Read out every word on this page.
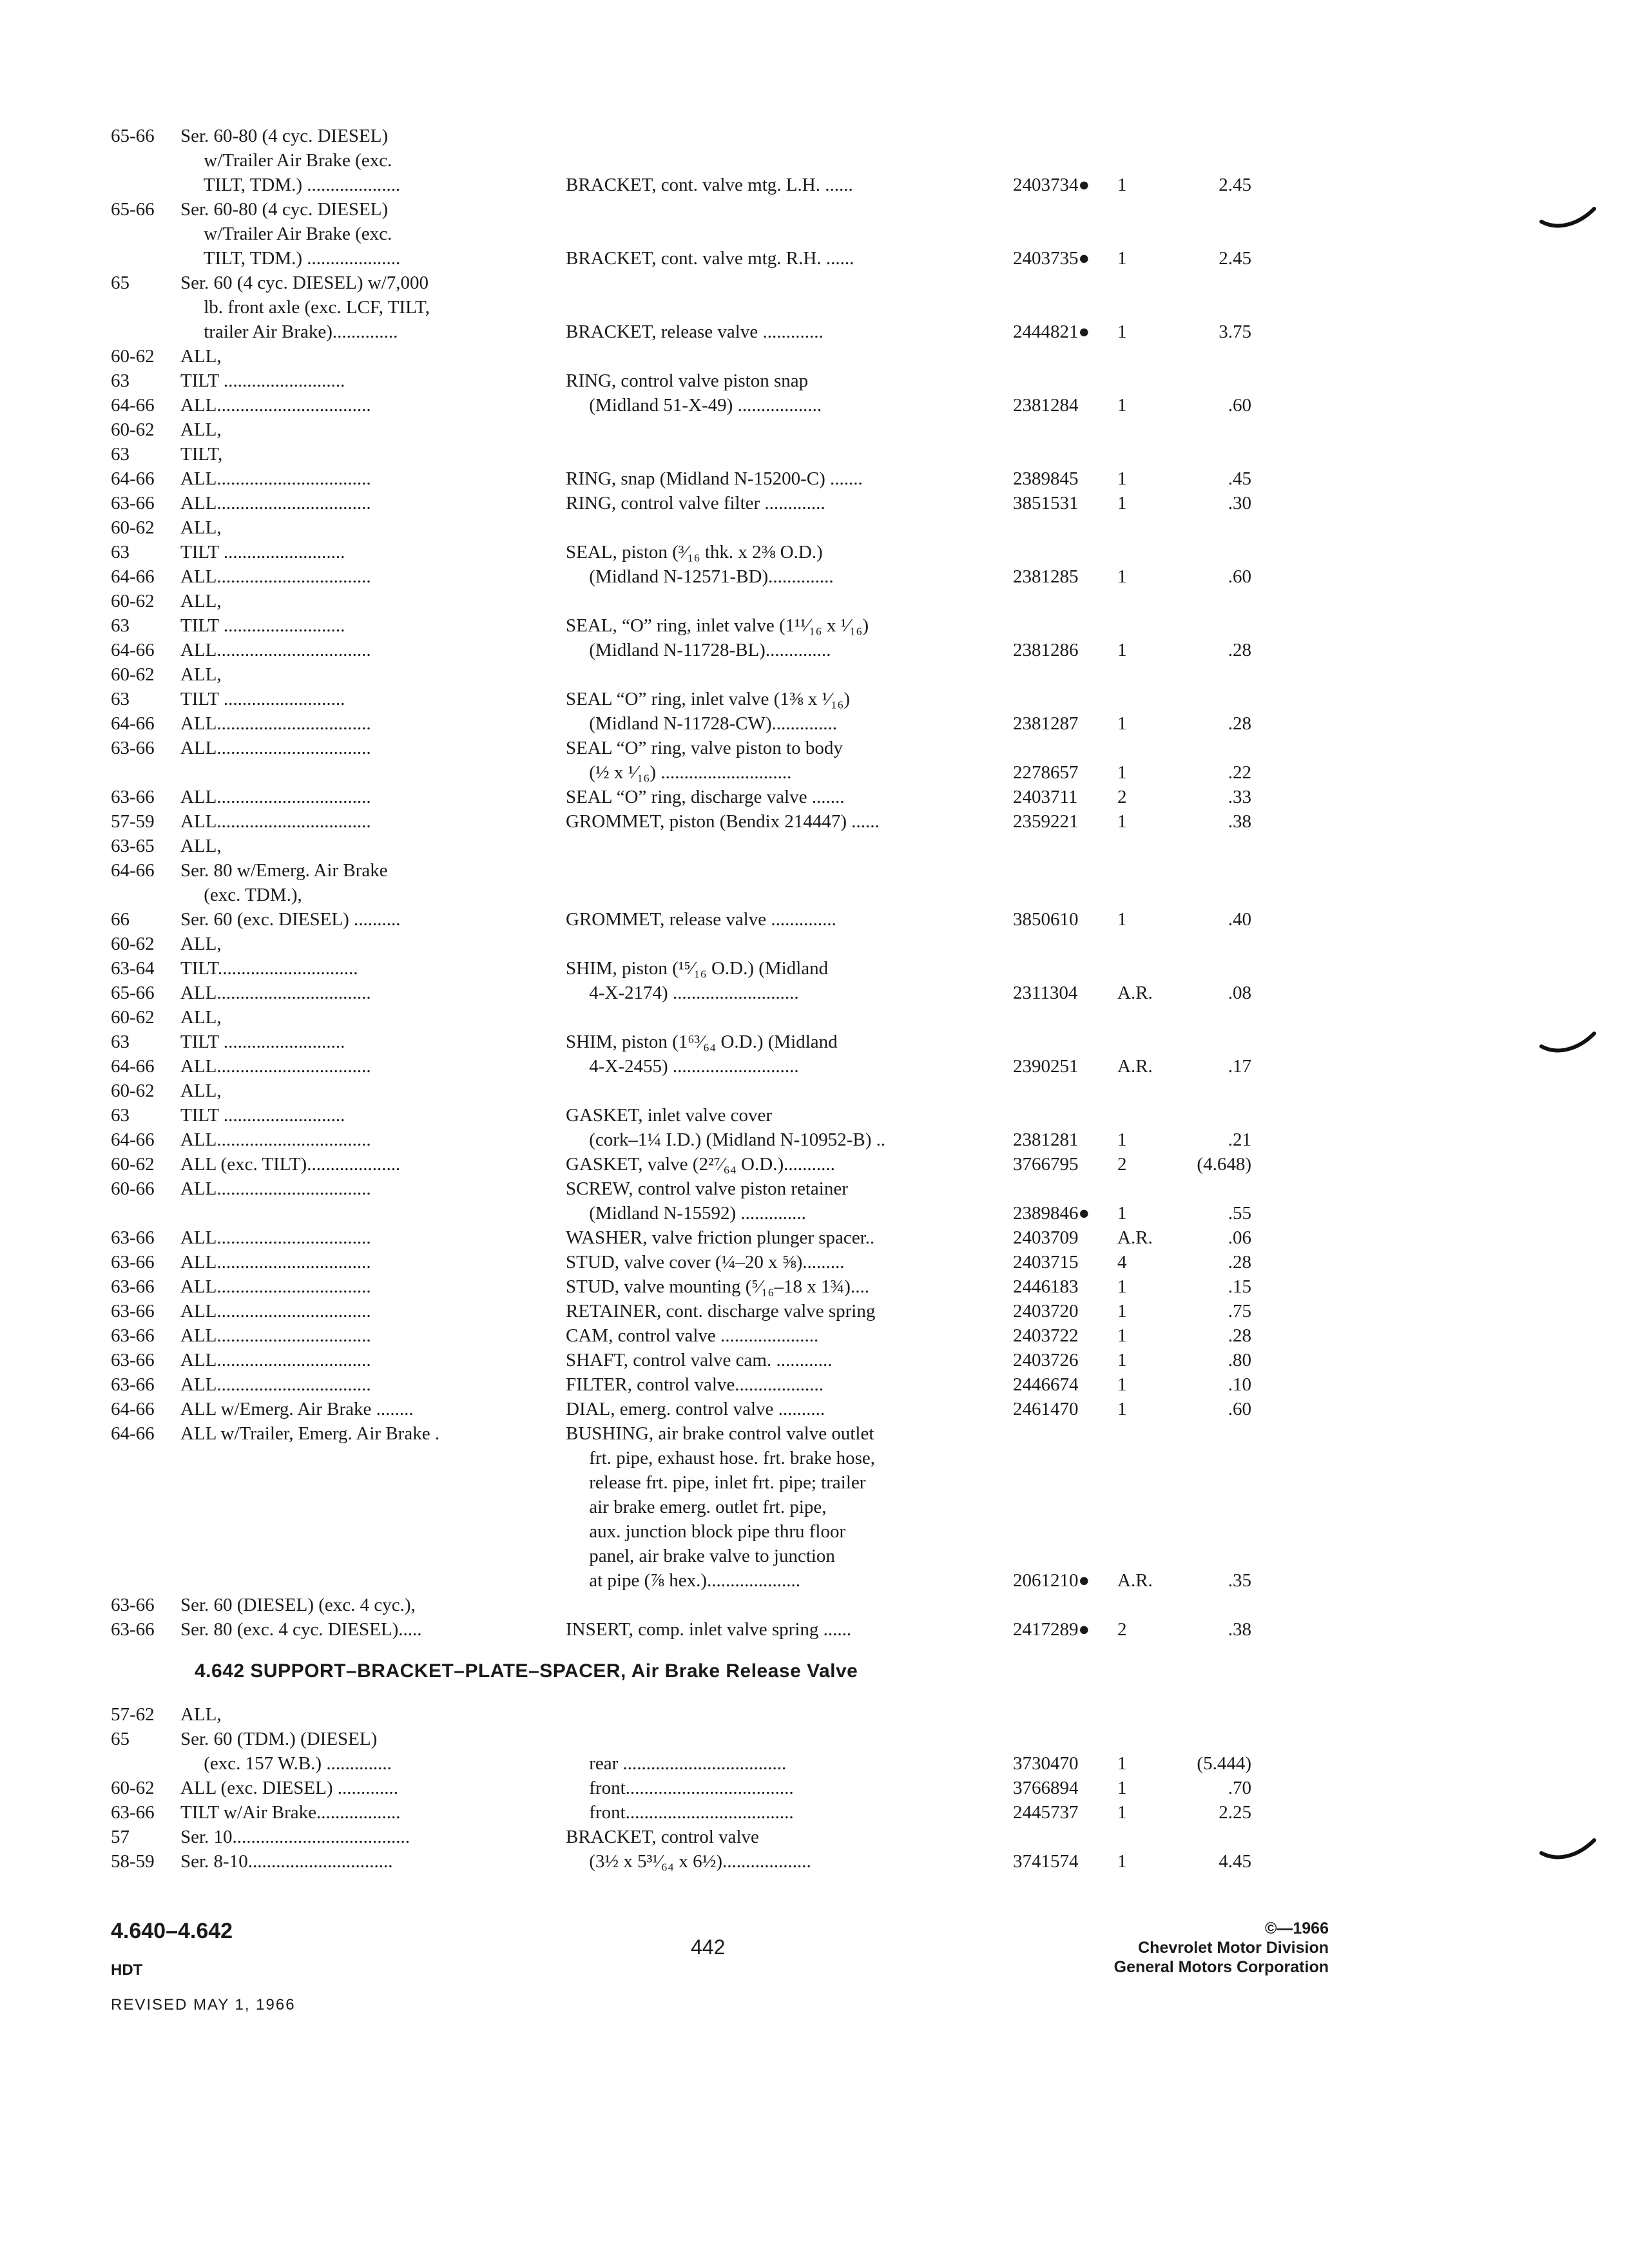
65-66	Ser. 60-80 (4 cyc. DIESEL)
w/Trailer Air Brake (exc.
TILT, TDM.) ....................	BRACKET, cont. valve mtg. L.H. ......	2403734●	1	2.45
65-66	Ser. 60-80 (4 cyc. DIESEL)
w/Trailer Air Brake (exc.
TILT, TDM.) ....................	BRACKET, cont. valve mtg. R.H. ......	2403735●	1	2.45
65	Ser. 60 (4 cyc. DIESEL) w/7,000
lb. front axle (exc. LCF, TILT,
trailer Air Brake)..............	BRACKET, release valve .............	2444821●	1	3.75
60-62	ALL,
63	TILT ..........................	RING, control valve piston snap
64-66	ALL.................................	(Midland 51-X-49) ..................	2381284	1	.60
60-62	ALL,
63	TILT,
64-66	ALL.................................	RING, snap (Midland N-15200-C) .......	2389845	1	.45
63-66	ALL.................................	RING, control valve filter .............	3851531	1	.30
60-62	ALL,
63	TILT ..........................	SEAL, piston (³⁄₁₆ thk. x 2⅜ O.D.)
64-66	ALL.................................	(Midland N-12571-BD)..............	2381285	1	.60
60-62	ALL,
63	TILT ..........................	SEAL, “O” ring, inlet valve (1¹¹⁄₁₆ x ¹⁄₁₆)
64-66	ALL.................................	(Midland N-11728-BL)..............	2381286	1	.28
60-62	ALL,
63	TILT ..........................	SEAL “O” ring, inlet valve (1⅜ x ¹⁄₁₆)
64-66	ALL.................................	(Midland N-11728-CW)..............	2381287	1	.28
63-66	ALL.................................	SEAL “O” ring, valve piston to body
(½ x ¹⁄₁₆) ............................	2278657	1	.22
63-66	ALL.................................	SEAL “O” ring, discharge valve .......	2403711	2	.33
57-59	ALL.................................	GROMMET, piston (Bendix 214447) ......	2359221	1	.38
63-65	ALL,
64-66	Ser. 80 w/Emerg. Air Brake
(exc. TDM.),
66	Ser. 60 (exc. DIESEL) ..........	GROMMET, release valve ..............	3850610	1	.40
60-62	ALL,
63-64	TILT..............................	SHIM, piston (¹⁵⁄₁₆ O.D.) (Midland
65-66	ALL.................................	4-X-2174) ...........................	2311304	A.R.	.08
60-62	ALL,
63	TILT ..........................	SHIM, piston (1⁶³⁄₆₄ O.D.) (Midland
64-66	ALL.................................	4-X-2455) ...........................	2390251	A.R.	.17
60-62	ALL,
63	TILT ..........................	GASKET, inlet valve cover
64-66	ALL.................................	(cork–1¼ I.D.) (Midland N-10952-B) ..	2381281	1	.21
60-62	ALL (exc. TILT)....................	GASKET, valve (2²⁷⁄₆₄ O.D.)...........	3766795	2	(4.648)
60-66	ALL.................................	SCREW, control valve piston retainer
(Midland N-15592) ..............	2389846●	1	.55
63-66	ALL.................................	WASHER, valve friction plunger spacer..	2403709	A.R.	.06
63-66	ALL.................................	STUD, valve cover (¼–20 x ⅝).........	2403715	4	.28
63-66	ALL.................................	STUD, valve mounting (⁵⁄₁₆–18 x 1¾)....	2446183	1	.15
63-66	ALL.................................	RETAINER, cont. discharge valve spring	2403720	1	.75
63-66	ALL.................................	CAM, control valve .....................	2403722	1	.28
63-66	ALL.................................	SHAFT, control valve cam. ............	2403726	1	.80
63-66	ALL.................................	FILTER, control valve...................	2446674	1	.10
64-66	ALL w/Emerg. Air Brake ........	DIAL, emerg. control valve ..........	2461470	1	.60
64-66	ALL w/Trailer, Emerg. Air Brake .	BUSHING, air brake control valve outlet
frt. pipe, exhaust hose. frt. brake hose,
release frt. pipe, inlet frt. pipe; trailer
air brake emerg. outlet frt. pipe,
aux. junction block pipe thru floor
panel, air brake valve to junction
at pipe (⅞ hex.)....................	2061210●	A.R.	.35
63-66	Ser. 60 (DIESEL) (exc. 4 cyc.),
63-66	Ser. 80 (exc. 4 cyc. DIESEL).....	INSERT, comp. inlet valve spring ......	2417289●	2	.38
4.642 SUPPORT–BRACKET–PLATE–SPACER, Air Brake Release Valve
57-62	ALL,
65	Ser. 60 (TDM.) (DIESEL)
(exc. 157 W.B.) ..............	rear ...................................	3730470	1	(5.444)
60-62	ALL (exc. DIESEL) .............	front....................................	3766894	1	.70
63-66	TILT w/Air Brake..................	front....................................	2445737	1	2.25
57	Ser. 10......................................	BRACKET, control valve
58-59	Ser. 8-10...............................	(3½ x 5³¹⁄₆₄ x 6½)...................	3741574	1	4.45
4.640–4.642
HDT
REVISED MAY 1, 1966
442
©—1966
Chevrolet Motor Division
General Motors Corporation
